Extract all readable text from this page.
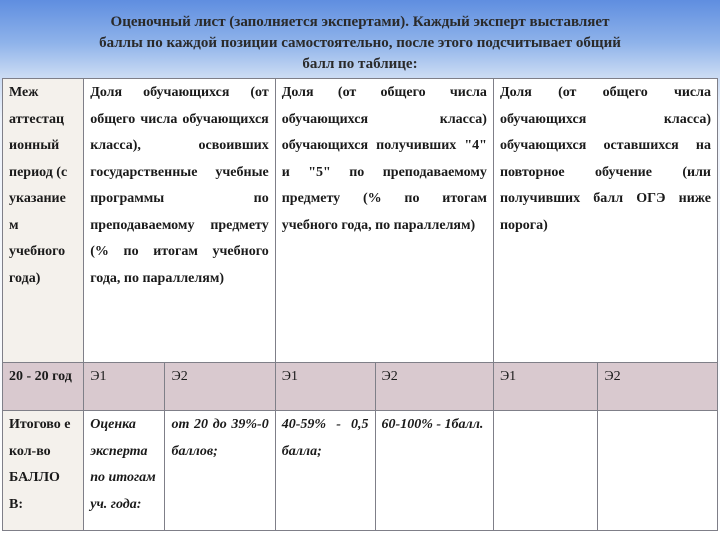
Оценочный лист (заполняется экспертами). Каждый эксперт выставляет
баллы по каждой позиции самостоятельно, после этого подсчитывает общий
балл по таблице:
Меж аттестац ионный период (с указание м учебного года)	Доля обучающихся (от общего числа обучающихся класса), освоивших государственные учебные программы по преподаваемому предмету (% по итогам учебного года, по параллелям)		Доля (от общего числа обучающихся класса) обучающихся получивших "4" и "5" по преподаваемому предмету (% по итогам учебного года, по параллелям)		Доля (от общего числа обучающихся класса) обучающихся оставшихся на повторное обучение (или получивших балл ОГЭ ниже порога)	
20 - 20 год	Э1	Э2	Э1	Э2	Э1	Э2
Итогово е кол-во БАЛЛО В:	Оценка эксперта по итогам уч. года:	от 20 до 39%-0 баллов;	40-59% - 0,5 балла;	60-100% - 1балл.		
